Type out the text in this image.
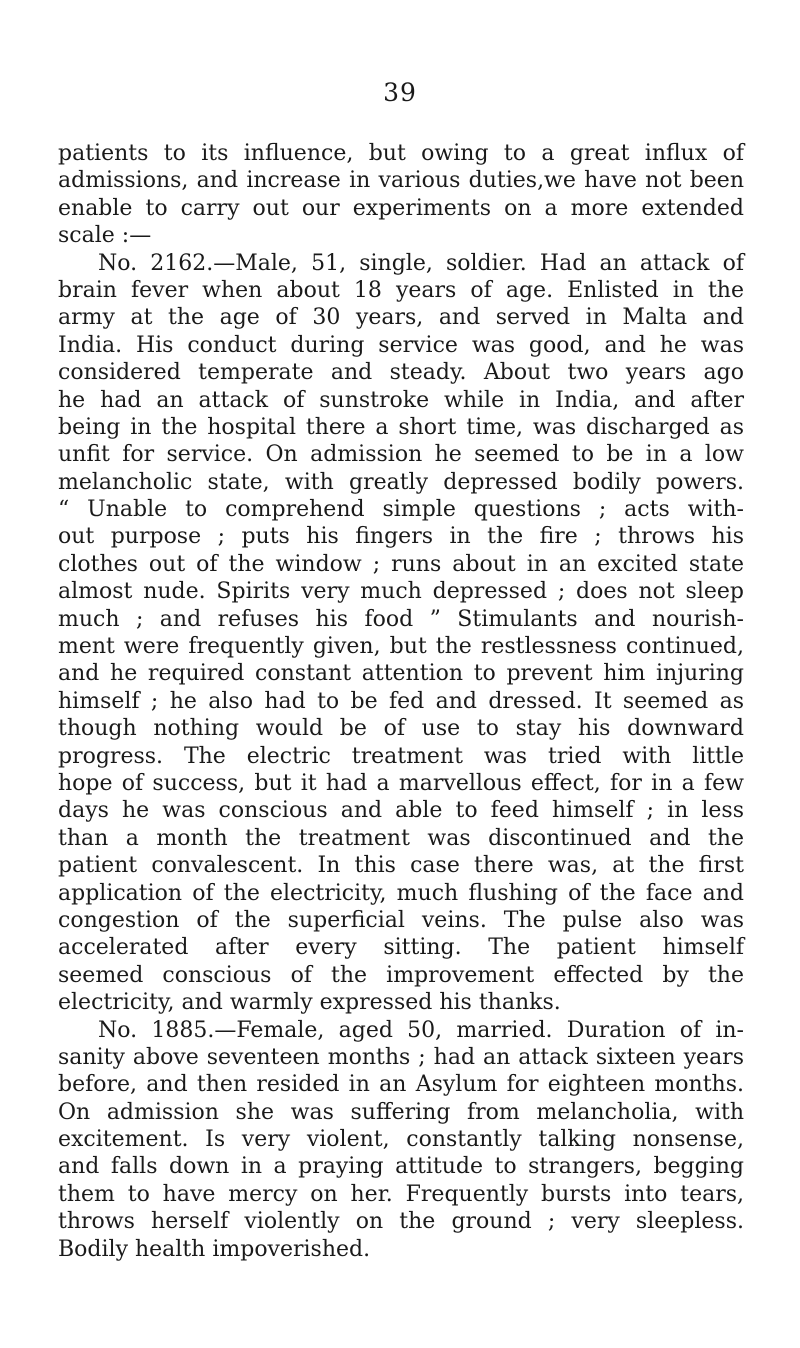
39
patients to its influence, but owing to a great influx of
admissions, and increase in various duties,we have not been
enable to carry out our experiments on a more extended
scale :—
No. 2162.—Male, 51, single, soldier. Had an attack of
brain fever when about 18 years of age. Enlisted in the
army at the age of 30 years, and served in Malta and
India. His conduct during service was good, and he was
considered temperate and steady. About two years ago
he had an attack of sunstroke while in India, and after
being in the hospital there a short time, was discharged as
unfit for service. On admission he seemed to be in a low
melancholic state, with greatly depressed bodily powers.
“ Unable to comprehend simple questions ; acts with-
out purpose ; puts his fingers in the fire ; throws his
clothes out of the window ; runs about in an excited state
almost nude. Spirits very much depressed ; does not sleep
much ; and refuses his food ” Stimulants and nourish-
ment were frequently given, but the restlessness continued,
and he required constant attention to prevent him injuring
himself ; he also had to be fed and dressed. It seemed as
though nothing would be of use to stay his downward
progress. The electric treatment was tried with little
hope of success, but it had a marvellous effect, for in a few
days he was conscious and able to feed himself ; in less
than a month the treatment was discontinued and the
patient convalescent. In this case there was, at the first
application of the electricity, much flushing of the face and
congestion of the superficial veins. The pulse also was
accelerated after every sitting. The patient himself
seemed conscious of the improvement effected by the
electricity, and warmly expressed his thanks.
No. 1885.—Female, aged 50, married. Duration of in-
sanity above seventeen months ; had an attack sixteen years
before, and then resided in an Asylum for eighteen months.
On admission she was suffering from melancholia, with
excitement. Is very violent, constantly talking nonsense,
and falls down in a praying attitude to strangers, begging
them to have mercy on her. Frequently bursts into tears,
throws herself violently on the ground ; very sleepless.
Bodily health impoverished.
